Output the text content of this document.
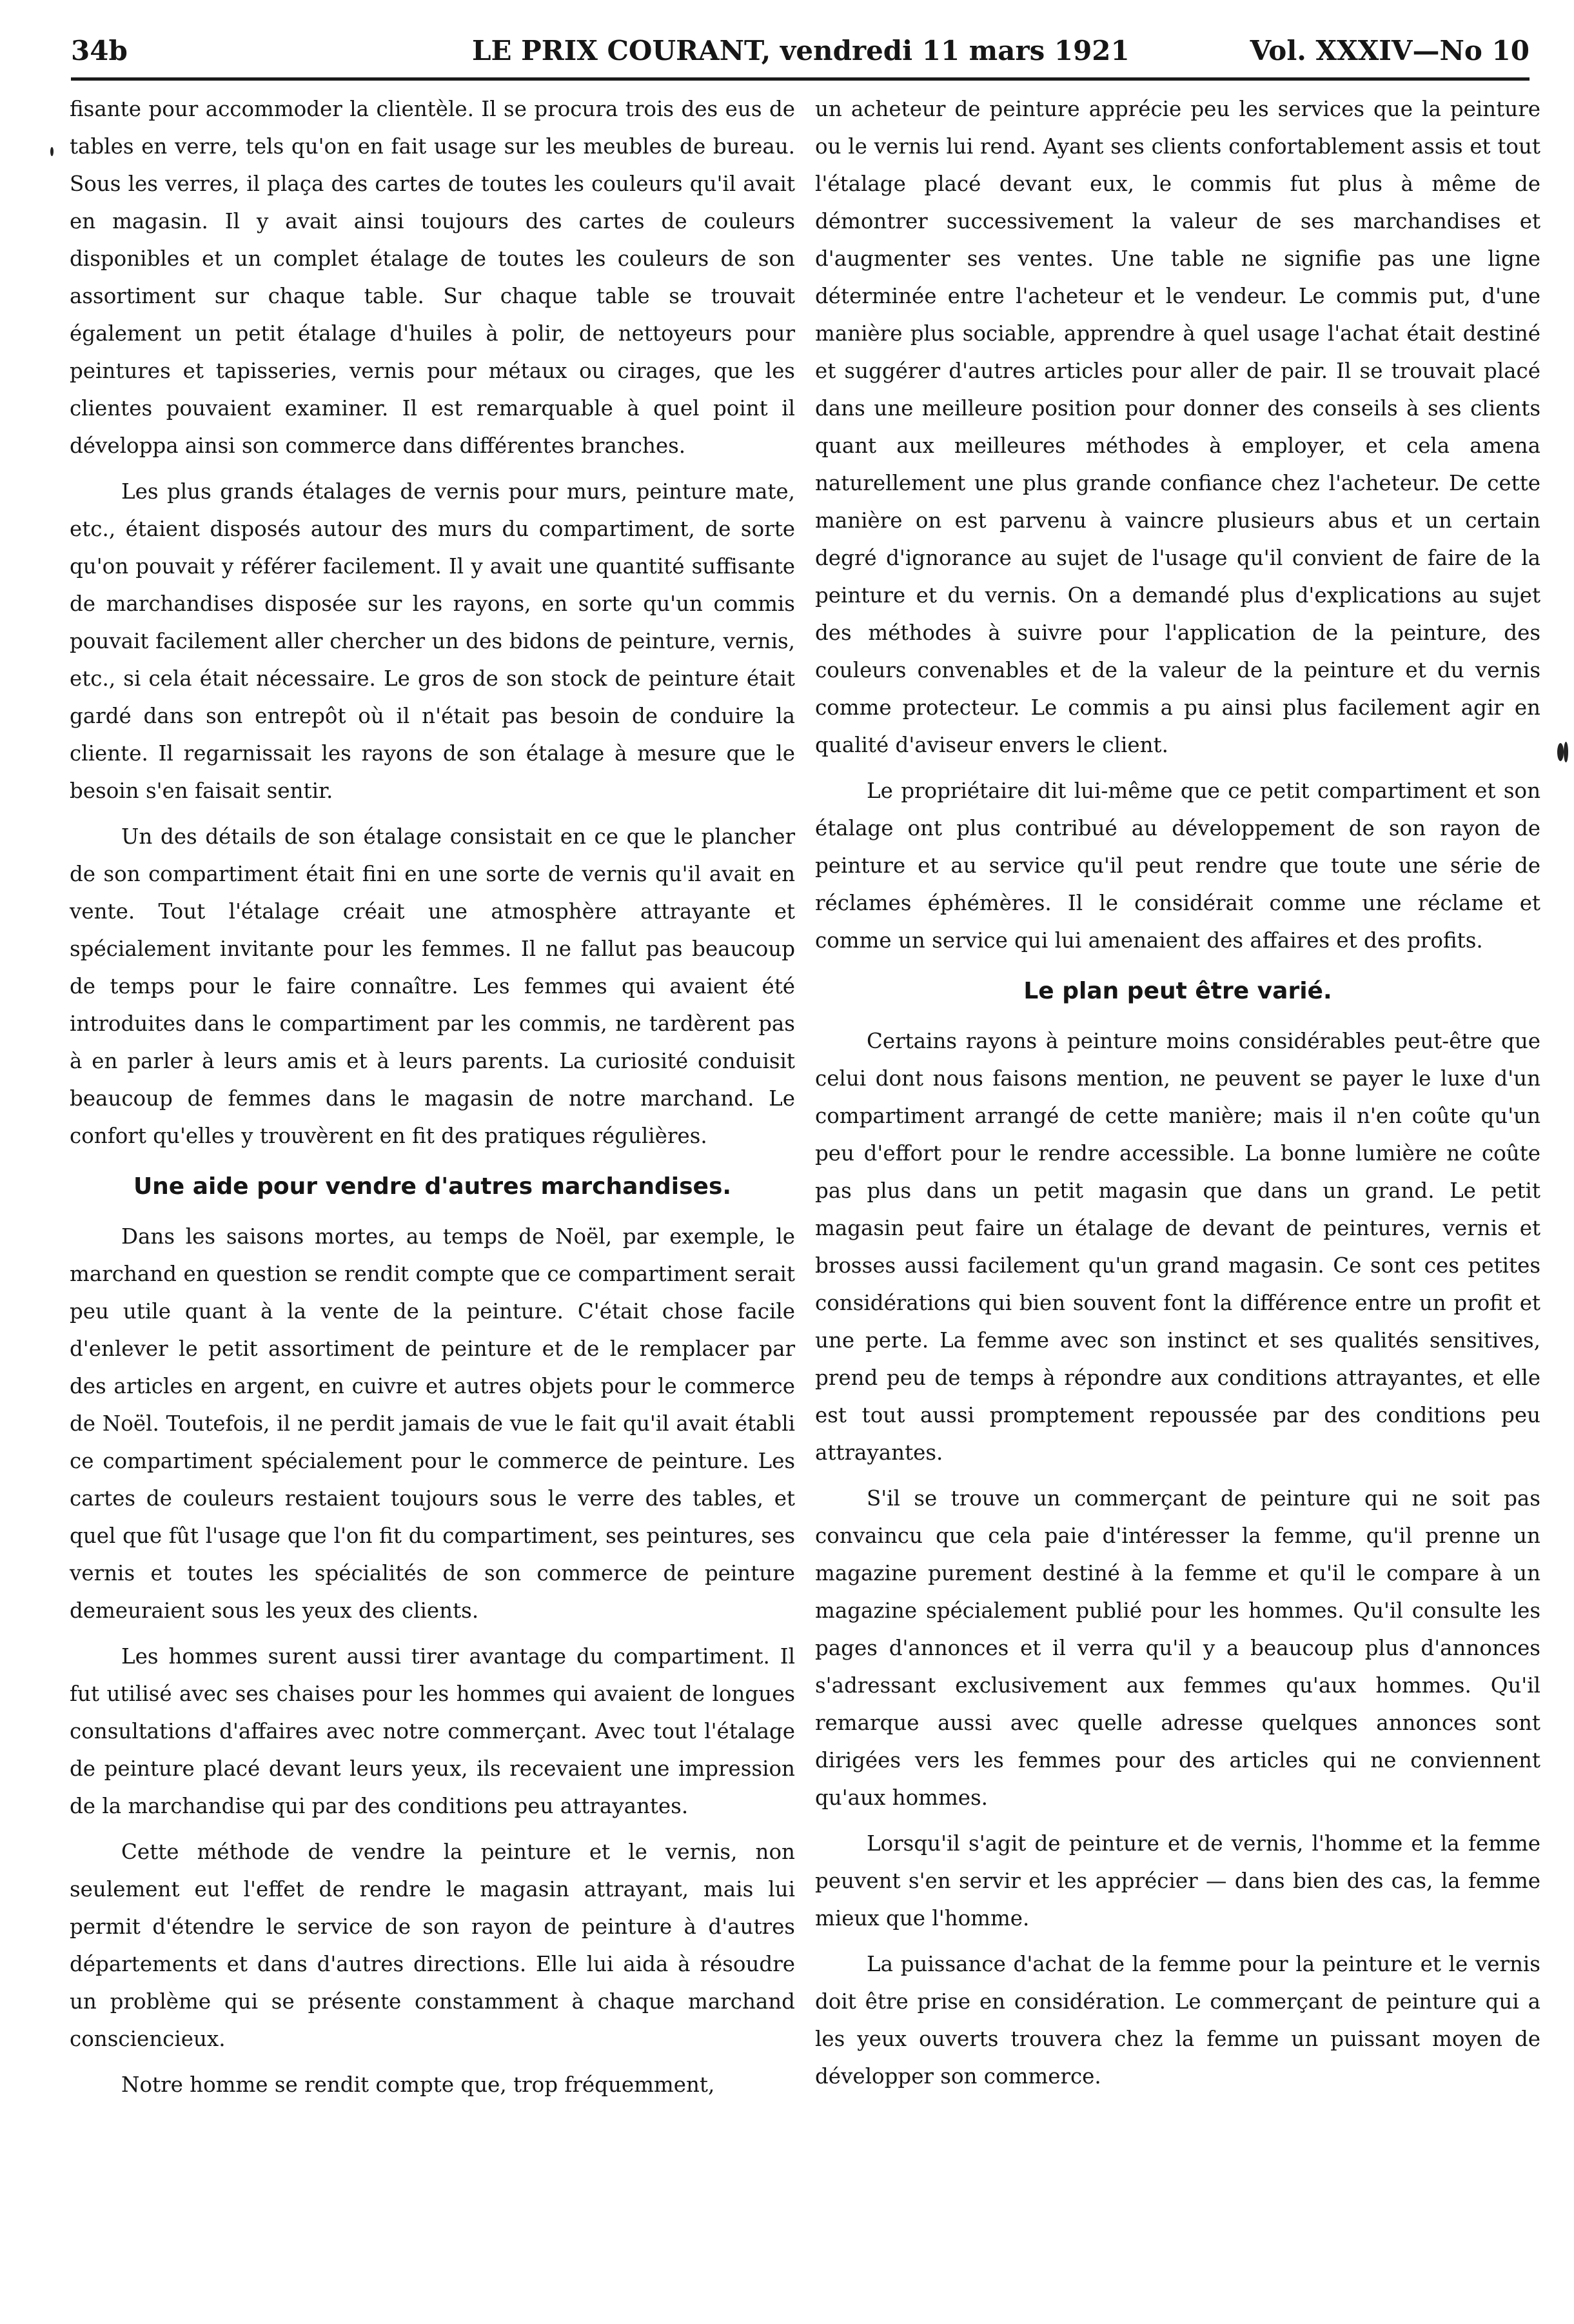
34b	LE PRIX COURANT, vendredi 11 mars 1921	Vol. XXXIV—No 10

fisante pour accommoder la clientèle. Il se procura trois des eus de tables en verre, tels qu'on en fait usage sur les meubles de bureau. Sous les verres, il plaça des cartes de toutes les couleurs qu'il avait en magasin. Il y avait ainsi toujours des cartes de couleurs disponibles et un complet étalage de toutes les couleurs de son assortiment sur chaque table. Sur chaque table se trouvait également un petit étalage d'huiles à polir, de nettoyeurs pour peintures et tapisseries, vernis pour métaux ou cirages, que les clientes pouvaient examiner. Il est remarquable à quel point il développa ainsi son commerce dans différentes branches.

Les plus grands étalages de vernis pour murs, peinture mate, etc., étaient disposés autour des murs du compartiment, de sorte qu'on pouvait y référer facilement. Il y avait une quantité suffisante de marchandises disposée sur les rayons, en sorte qu'un commis pouvait facilement aller chercher un des bidons de peinture, vernis, etc., si cela était nécessaire. Le gros de son stock de peinture était gardé dans son entrepôt où il n'était pas besoin de conduire la cliente. Il regarnissait les rayons de son étalage à mesure que le besoin s'en faisait sentir.

Un des détails de son étalage consistait en ce que le plancher de son compartiment était fini en une sorte de vernis qu'il avait en vente. Tout l'étalage créait une atmosphère attrayante et spécialement invitante pour les femmes. Il ne fallut pas beaucoup de temps pour le faire connaître. Les femmes qui avaient été introduites dans le compartiment par les commis, ne tardèrent pas à en parler à leurs amis et à leurs parents. La curiosité conduisit beaucoup de femmes dans le magasin de notre marchand. Le confort qu'elles y trouvèrent en fit des pratiques régulières.

Une aide pour vendre d'autres marchandises.

Dans les saisons mortes, au temps de Noël, par exemple, le marchand en question se rendit compte que ce compartiment serait peu utile quant à la vente de la peinture. C'était chose facile d'enlever le petit assortiment de peinture et de le remplacer par des articles en argent, en cuivre et autres objets pour le commerce de Noël. Toutefois, il ne perdit jamais de vue le fait qu'il avait établi ce compartiment spécialement pour le commerce de peinture. Les cartes de couleurs restaient toujours sous le verre des tables, et quel que fût l'usage que l'on fit du compartiment, ses peintures, ses vernis et toutes les spécialités de son commerce de peinture demeuraient sous les yeux des clients.

Les hommes surent aussi tirer avantage du compartiment. Il fut utilisé avec ses chaises pour les hommes qui avaient de longues consultations d'affaires avec notre commerçant. Avec tout l'étalage de peinture placé devant leurs yeux, ils recevaient une impression de la marchandise qui par des conditions peu attrayantes.

Cette méthode de vendre la peinture et le vernis, non seulement eut l'effet de rendre le magasin attrayant, mais lui permit d'étendre le service de son rayon de peinture à d'autres départements et dans d'autres directions. Elle lui aida à résoudre un problème qui se présente constamment à chaque marchand consciencieux.

Notre homme se rendit compte que, trop fréquemment,

un acheteur de peinture apprécie peu les services que la peinture ou le vernis lui rend. Ayant ses clients confortablement assis et tout l'étalage placé devant eux, le commis fut plus à même de démontrer successivement la valeur de ses marchandises et d'augmenter ses ventes. Une table ne signifie pas une ligne déterminée entre l'acheteur et le vendeur. Le commis put, d'une manière plus sociable, apprendre à quel usage l'achat était destiné et suggérer d'autres articles pour aller de pair. Il se trouvait placé dans une meilleure position pour donner des conseils à ses clients quant aux meilleures méthodes à employer, et cela amena naturellement une plus grande confiance chez l'acheteur. De cette manière on est parvenu à vaincre plusieurs abus et un certain degré d'ignorance au sujet de l'usage qu'il convient de faire de la peinture et du vernis. On a demandé plus d'explications au sujet des méthodes à suivre pour l'application de la peinture, des couleurs convenables et de la valeur de la peinture et du vernis comme protecteur. Le commis a pu ainsi plus facilement agir en qualité d'aviseur envers le client.

Le propriétaire dit lui-même que ce petit compartiment et son étalage ont plus contribué au développement de son rayon de peinture et au service qu'il peut rendre que toute une série de réclames éphémères. Il le considérait comme une réclame et comme un service qui lui amenaient des affaires et des profits.

Le plan peut être varié.

Certains rayons à peinture moins considérables peut-être que celui dont nous faisons mention, ne peuvent se payer le luxe d'un compartiment arrangé de cette manière; mais il n'en coûte qu'un peu d'effort pour le rendre accessible. La bonne lumière ne coûte pas plus dans un petit magasin que dans un grand. Le petit magasin peut faire un étalage de devant de peintures, vernis et brosses aussi facilement qu'un grand magasin. Ce sont ces petites considérations qui bien souvent font la différence entre un profit et une perte. La femme avec son instinct et ses qualités sensitives, prend peu de temps à répondre aux conditions attrayantes, et elle est tout aussi promptement repoussée par des conditions peu attrayantes.

S'il se trouve un commerçant de peinture qui ne soit pas convaincu que cela paie d'intéresser la femme, qu'il prenne un magazine purement destiné à la femme et qu'il le compare à un magazine spécialement publié pour les hommes. Qu'il consulte les pages d'annonces et il verra qu'il y a beaucoup plus d'annonces s'adressant exclusivement aux femmes qu'aux hommes. Qu'il remarque aussi avec quelle adresse quelques annonces sont dirigées vers les femmes pour des articles qui ne conviennent qu'aux hommes.

Lorsqu'il s'agit de peinture et de vernis, l'homme et la femme peuvent s'en servir et les apprécier — dans bien des cas, la femme mieux que l'homme.

La puissance d'achat de la femme pour la peinture et le vernis doit être prise en considération. Le commerçant de peinture qui a les yeux ouverts trouvera chez la femme un puissant moyen de développer son commerce.
